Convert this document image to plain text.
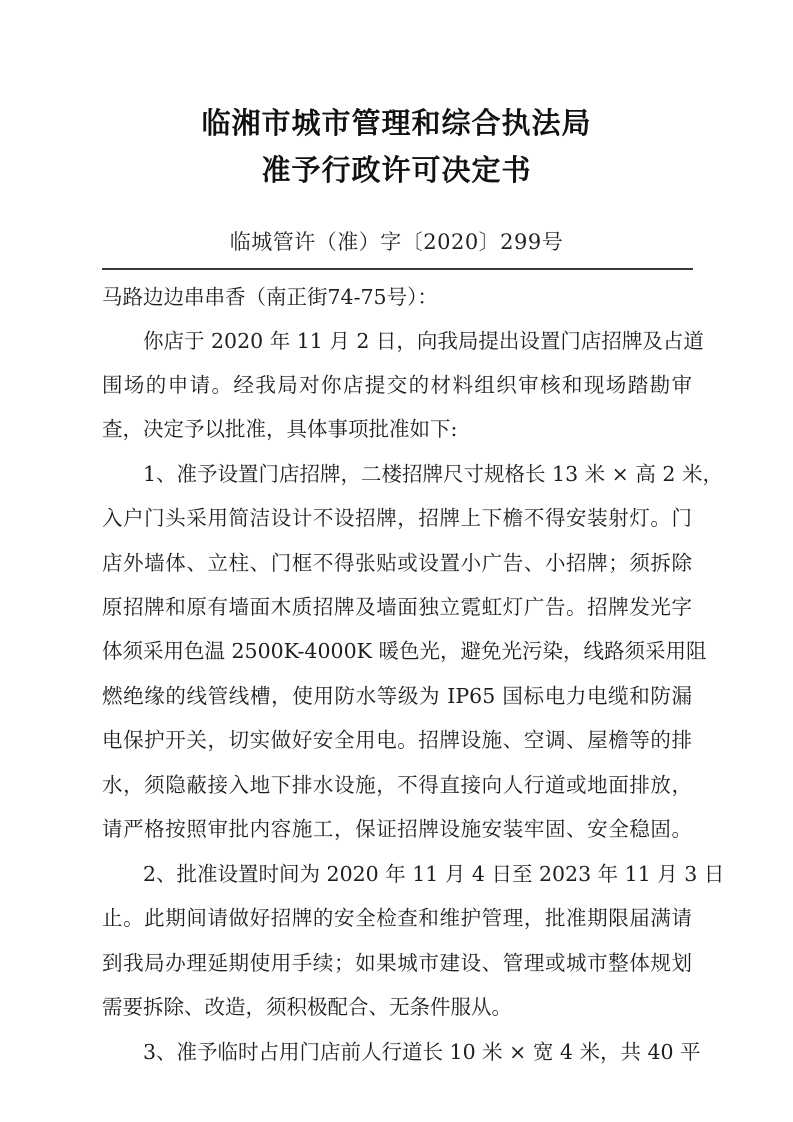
临湘市城市管理和综合执法局
准予行政许可决定书
临城管许（准）字〔2020〕299号
马路边边串串香（南正街74-75号）：
你店于 2020 年 11 月 2 日，向我局提出设置门店招牌及占道
围场的申请。经我局对你店提交的材料组织审核和现场踏勘审
查，决定予以批准，具体事项批准如下:
1、准予设置门店招牌，二楼招牌尺寸规格长 13 米 × 高 2 米，
入户门头采用简洁设计不设招牌，招牌上下檐不得安装射灯。门
店外墙体、立柱、门框不得张贴或设置小广告、小招牌；须拆除
原招牌和原有墙面木质招牌及墙面独立霓虹灯广告。招牌发光字
体须采用色温 2500K-4000K 暖色光，避免光污染，线路须采用阻
燃绝缘的线管线槽，使用防水等级为 IP65 国标电力电缆和防漏
电保护开关，切实做好安全用电。招牌设施、空调、屋檐等的排
水，须隐蔽接入地下排水设施，不得直接向人行道或地面排放，
请严格按照审批内容施工，保证招牌设施安装牢固、安全稳固。
2、批准设置时间为 2020 年 11 月 4 日至 2023 年 11 月 3 日
止。此期间请做好招牌的安全检查和维护管理，批准期限届满请
到我局办理延期使用手续；如果城市建设、管理或城市整体规划
需要拆除、改造，须积极配合、无条件服从。
3、准予临时占用门店前人行道长 10 米 × 宽 4 米，共 40 平
